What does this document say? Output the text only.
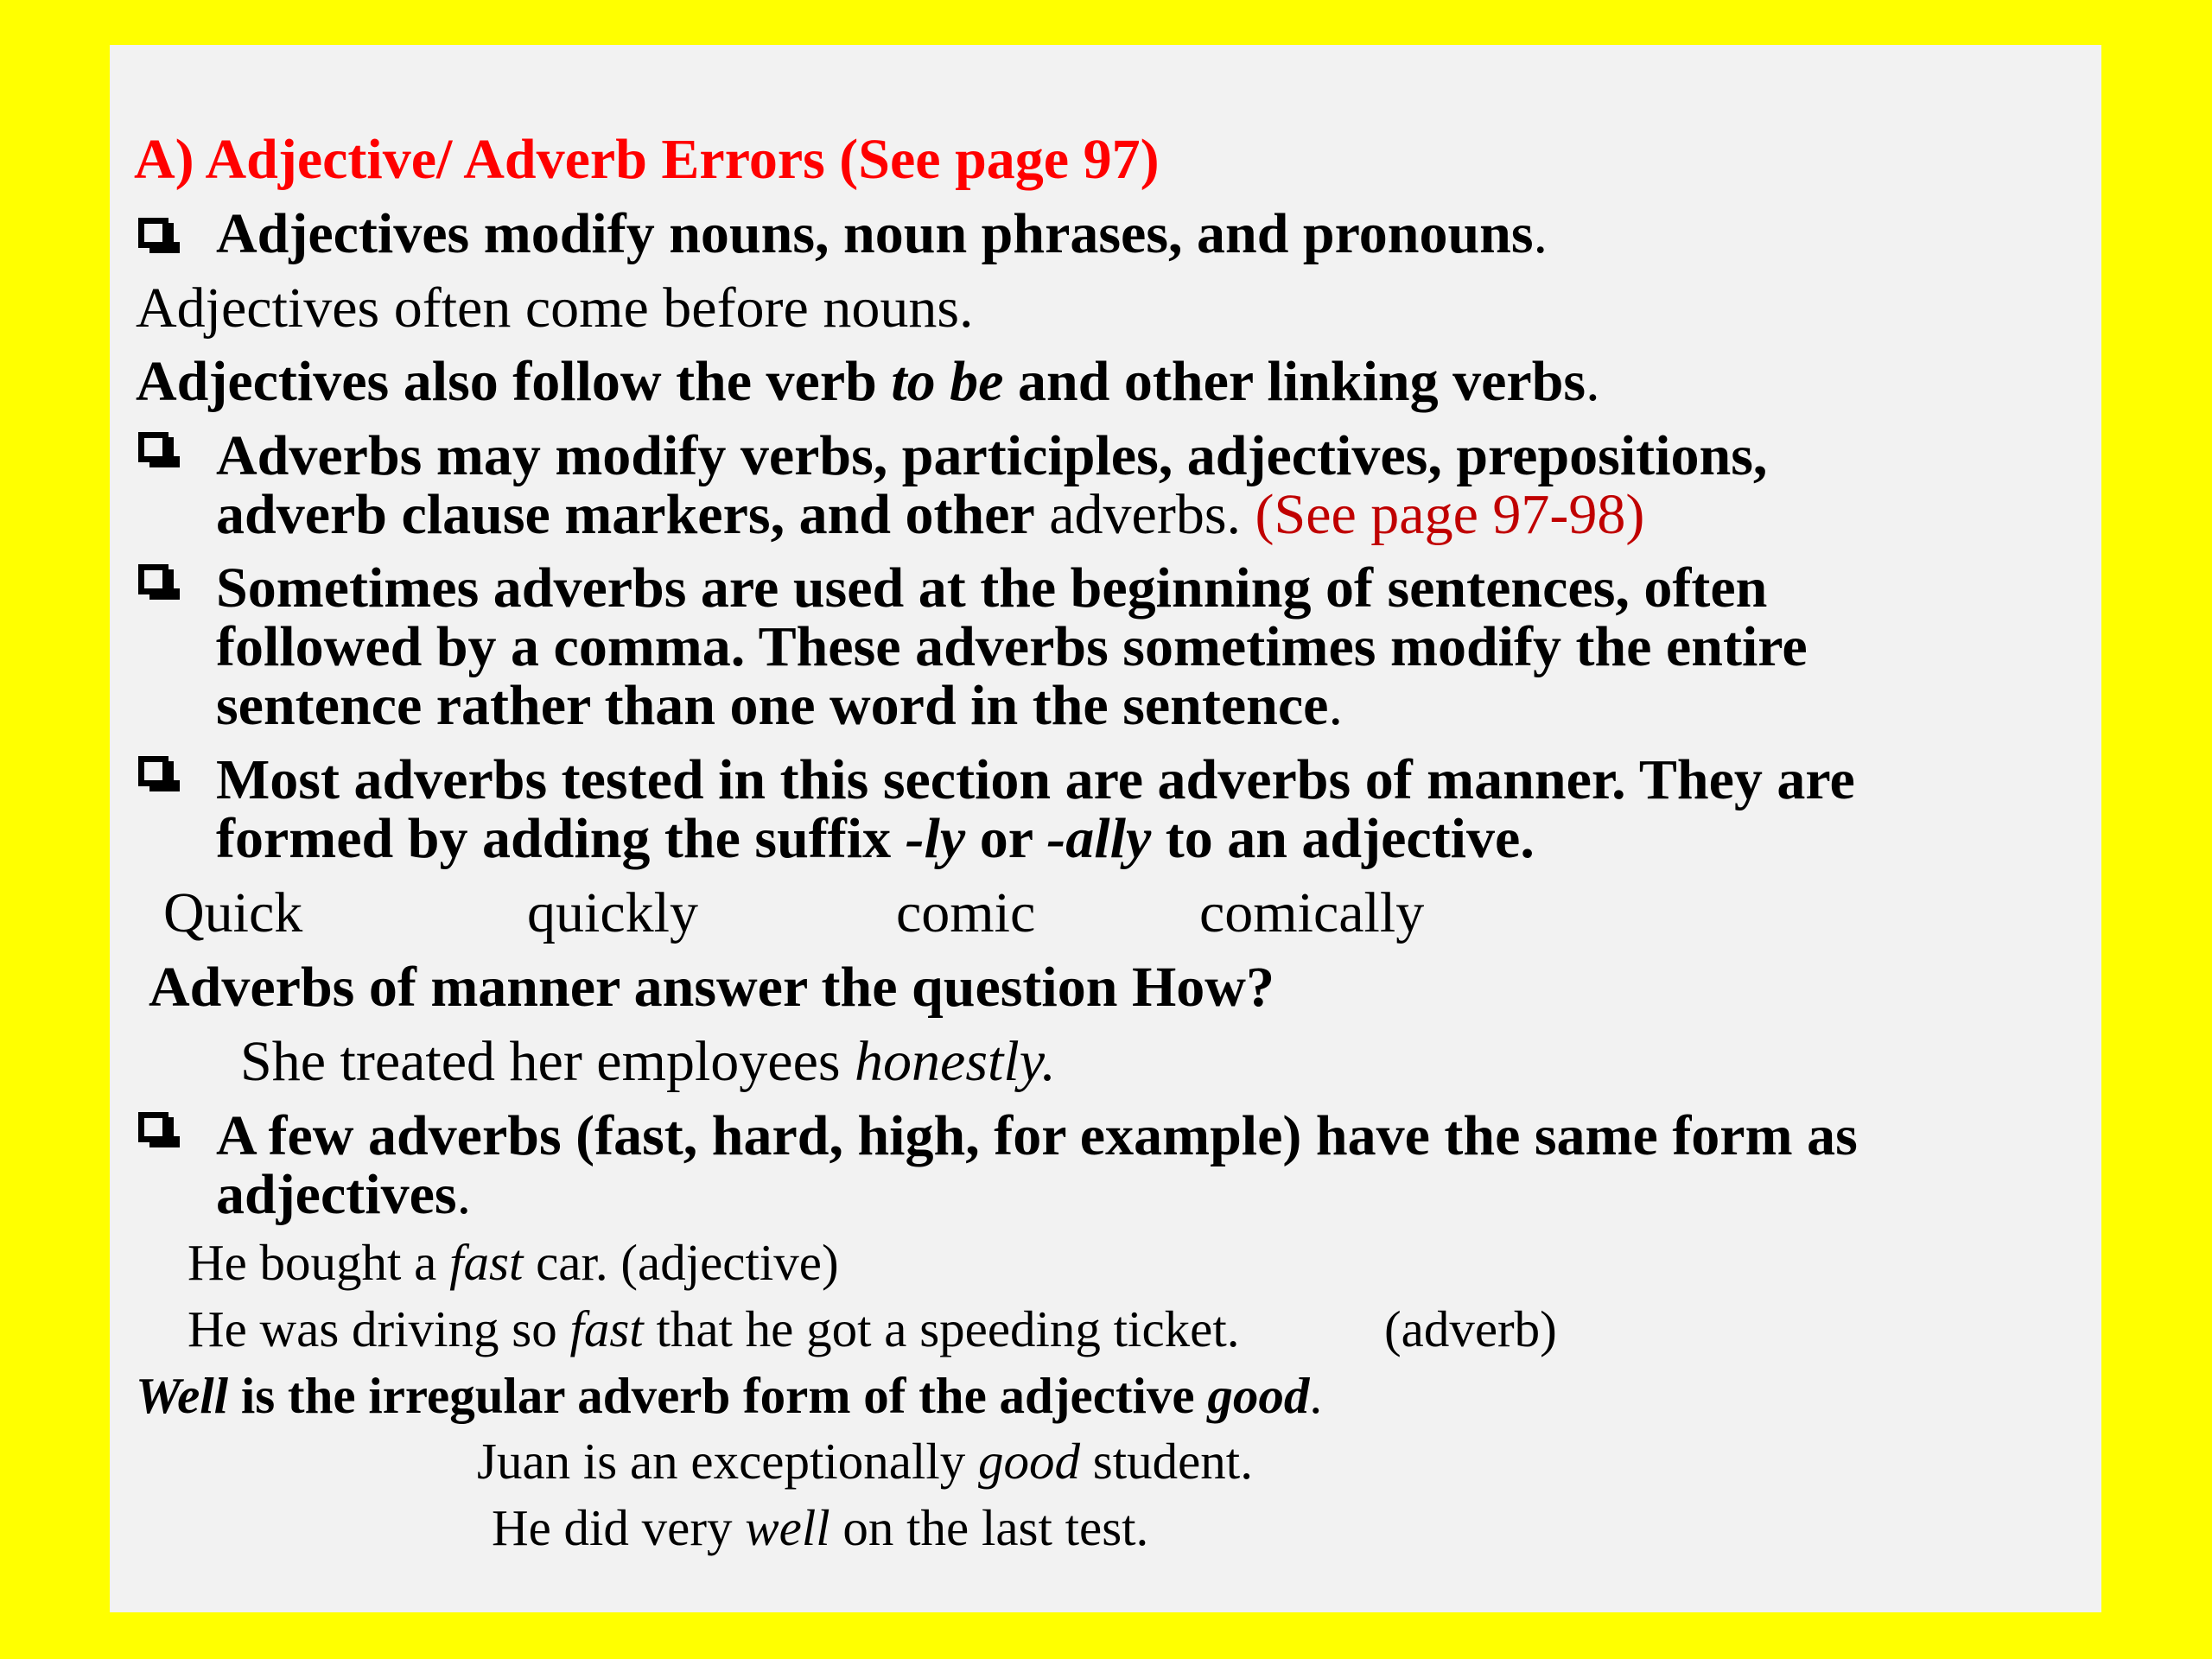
A) Adjective/ Adverb Errors (See page 97)
Adjectives modify nouns, noun phrases, and pronouns.
Adjectives often come before nouns.
Adjectives also follow the verb to be and other linking verbs.
Adverbs may modify verbs, participles, adjectives, prepositions,
adverb clause markers, and other adverbs. (See page 97-98)
Sometimes adverbs are used at the beginning of sentences, often
followed by a comma. These adverbs sometimes modify the entire
sentence rather than one word in the sentence.
Most adverbs tested in this section are adverbs of manner. They are
formed by adding the suffix -ly or -ally to an adjective.
Quick	quickly	comic	comically
Adverbs of manner answer the question How?
She treated her employees honestly.
A few adverbs (fast, hard, high, for example) have the same form as
adjectives.
He bought a fast car. (adjective)
He was driving so fast that he got a speeding ticket.	(adverb)
Well is the irregular adverb form of the adjective good.
Juan is an exceptionally good student.
He did very well on the last test.
